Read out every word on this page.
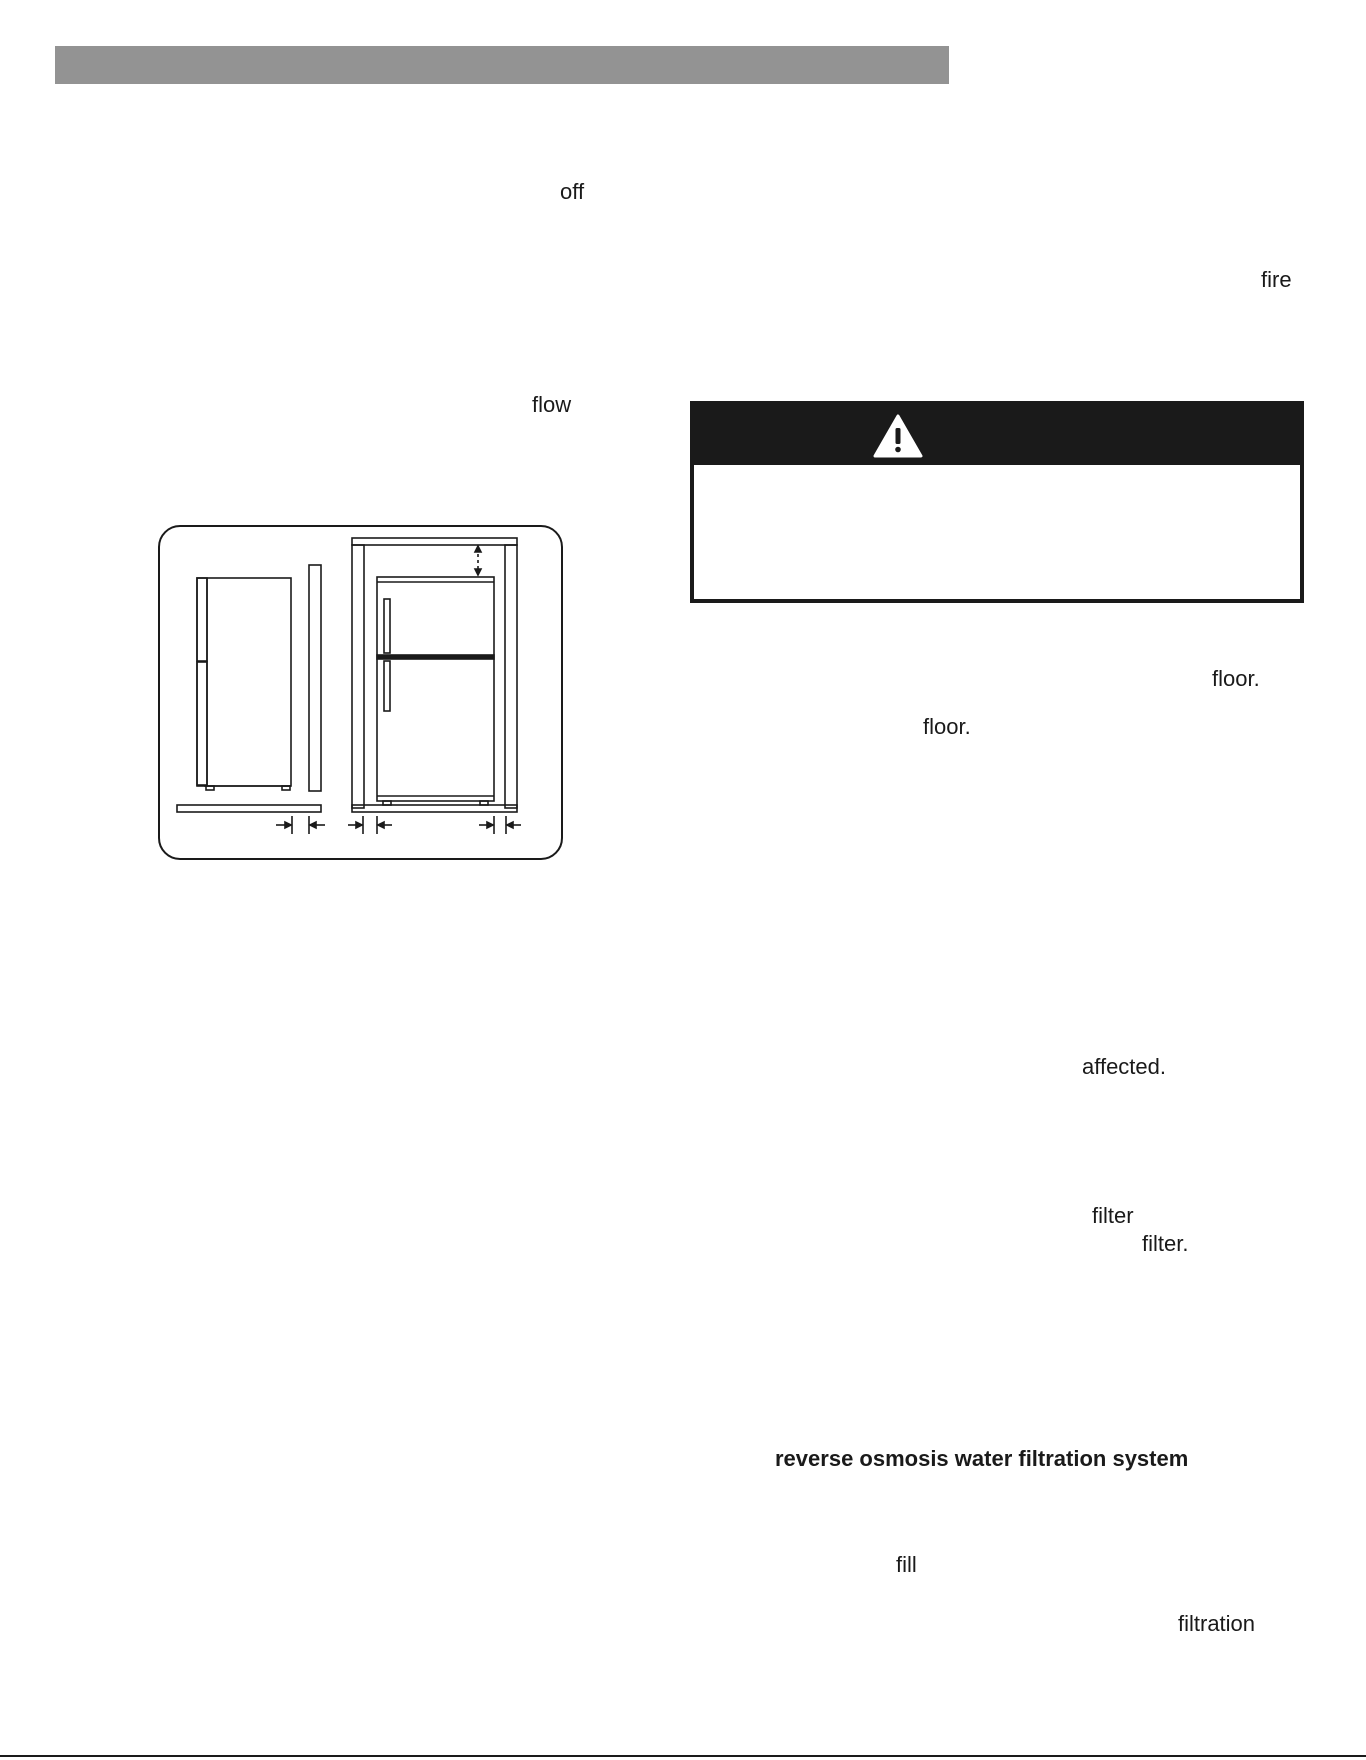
off
flow
fire
floor.
floor.
affected.
filter
filter.
reverse osmosis water filtration system
fill
filtration
